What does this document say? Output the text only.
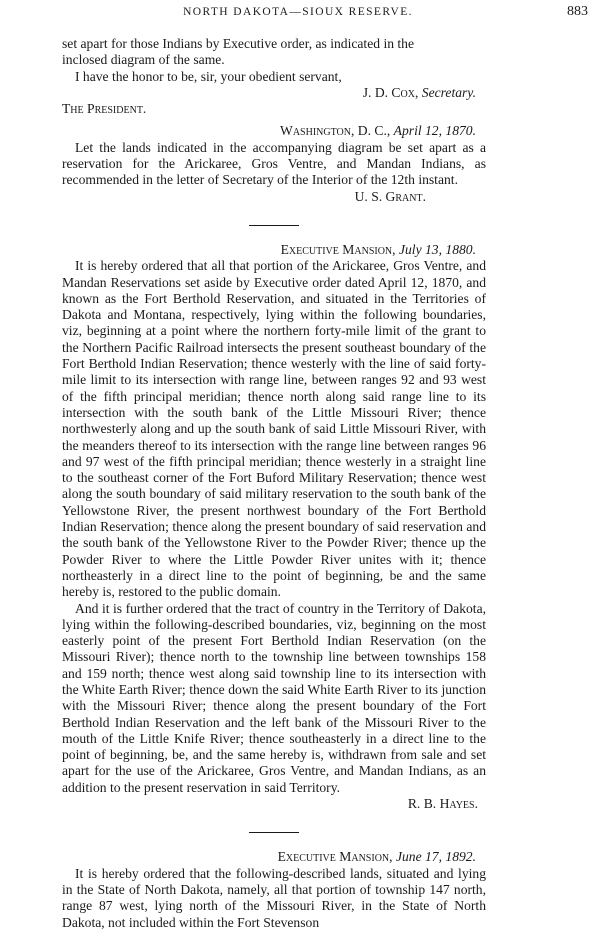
NORTH DAKOTA—SIOUX RESERVE.	883

set apart for those Indians by Executive order, as indicated in the

inclosed diagram of the same.

I have the honor to be, sir, your obedient servant,

J. D. Cox, Secretary.

The President.

Washington, D. C., April 12, 1870.

Let the lands indicated in the accompanying diagram be set apart as a reservation for the Arickaree, Gros Ventre, and Mandan Indians, as recommended in the letter of Secretary of the Interior of the 12th instant.

U. S. Grant.

Executive Mansion, July 13, 1880.

It is hereby ordered that all that portion of the Arickaree, Gros Ventre, and Mandan Reservations set aside by Executive order dated April 12, 1870, and known as the Fort Berthold Reservation, and situated in the Territories of Dakota and Montana, respectively, lying within the following boundaries, viz, beginning at a point where the northern forty-mile limit of the grant to the Northern Pacific Railroad intersects the present southeast boundary of the Fort Berthold Indian Reservation; thence westerly with the line of said forty-mile limit to its intersection with range line, between ranges 92 and 93 west of the fifth principal meridian; thence north along said range line to its intersection with the south bank of the Little Missouri River; thence northwesterly along and up the south bank of said Little Missouri River, with the meanders thereof to its intersection with the range line between ranges 96 and 97 west of the fifth principal meridian; thence westerly in a straight line to the southeast corner of the Fort Buford Military Reservation; thence west along the south boundary of said military reservation to the south bank of the Yellowstone River, the present northwest boundary of the Fort Berthold Indian Reservation; thence along the present boundary of said reservation and the south bank of the Yellowstone River to the Powder River; thence up the Powder River to where the Little Powder River unites with it; thence northeasterly in a direct line to the point of beginning, be and the same hereby is, restored to the public domain.

And it is further ordered that the tract of country in the Territory of Dakota, lying within the following-described boundaries, viz, beginning on the most easterly point of the present Fort Berthold Indian Reservation (on the Missouri River); thence north to the township line between townships 158 and 159 north; thence west along said township line to its intersection with the White Earth River; thence down the said White Earth River to its junction with the Missouri River; thence along the present boundary of the Fort Berthold Indian Reservation and the left bank of the Missouri River to the mouth of the Little Knife River; thence southeasterly in a direct line to the point of beginning, be, and the same hereby is, withdrawn from sale and set apart for the use of the Arickaree, Gros Ventre, and Mandan Indians, as an addition to the present reservation in said Territory.

R. B. Hayes.

Executive Mansion, June 17, 1892.

It is hereby ordered that the following-described lands, situated and lying in the State of North Dakota, namely, all that portion of township 147 north, range 87 west, lying north of the Missouri River, in the State of North Dakota, not included within the Fort Stevenson
